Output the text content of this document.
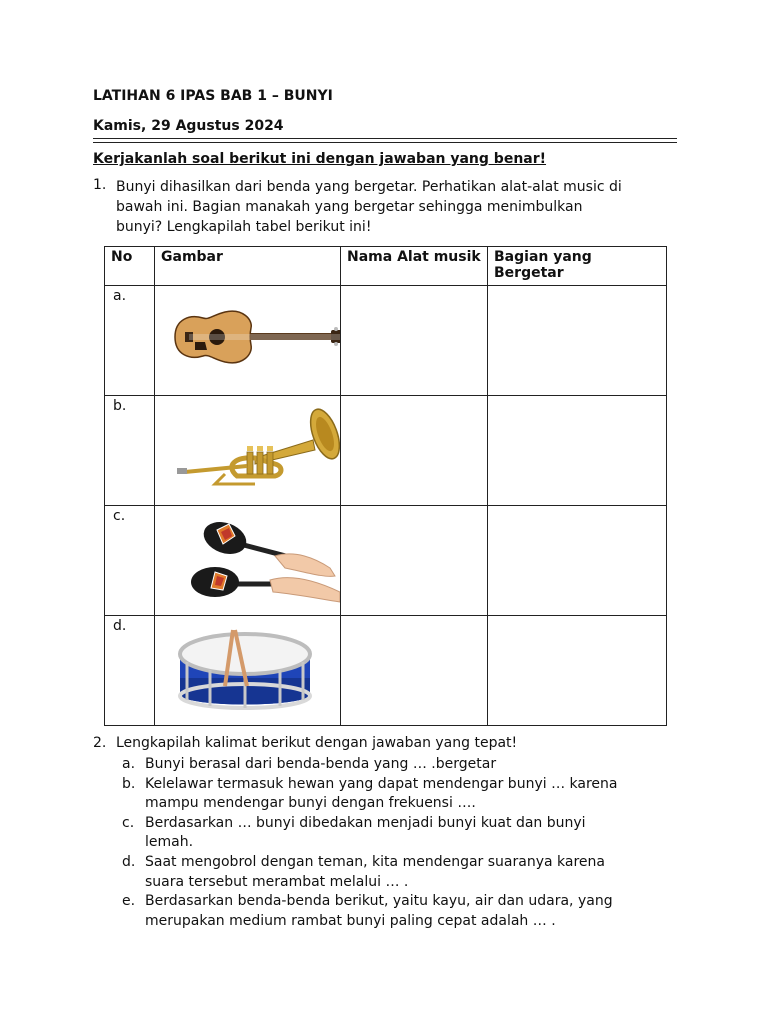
LATIHAN 6 IPAS BAB 1 – BUNYI
Kamis, 29 Agustus 2024
Kerjakanlah soal berikut ini dengan jawaban yang benar!
1. Bunyi dihasilkan dari benda yang bergetar. Perhatikan alat-alat music di
bawah ini. Bagian manakah yang bergetar sehingga menimbulkan
bunyi? Lengkapilah tabel berikut ini!
No	Gambar	Nama Alat musik	Bagian yang Bergetar
a.	

b.	

c.	

d.	

2. Lengkapilah kalimat berikut dengan jawaban yang tepat!
a. Bunyi berasal dari benda-benda yang … .bergetar
b. Kelelawar termasuk hewan yang dapat mendengar bunyi … karena
mampu mendengar bunyi dengan frekuensi ….
c. Berdasarkan … bunyi dibedakan menjadi bunyi kuat dan bunyi
lemah.
d. Saat mengobrol dengan teman, kita mendengar suaranya karena
suara tersebut merambat melalui … .
e. Berdasarkan benda-benda berikut, yaitu kayu, air dan udara, yang
merupakan medium rambat bunyi paling cepat adalah … .
